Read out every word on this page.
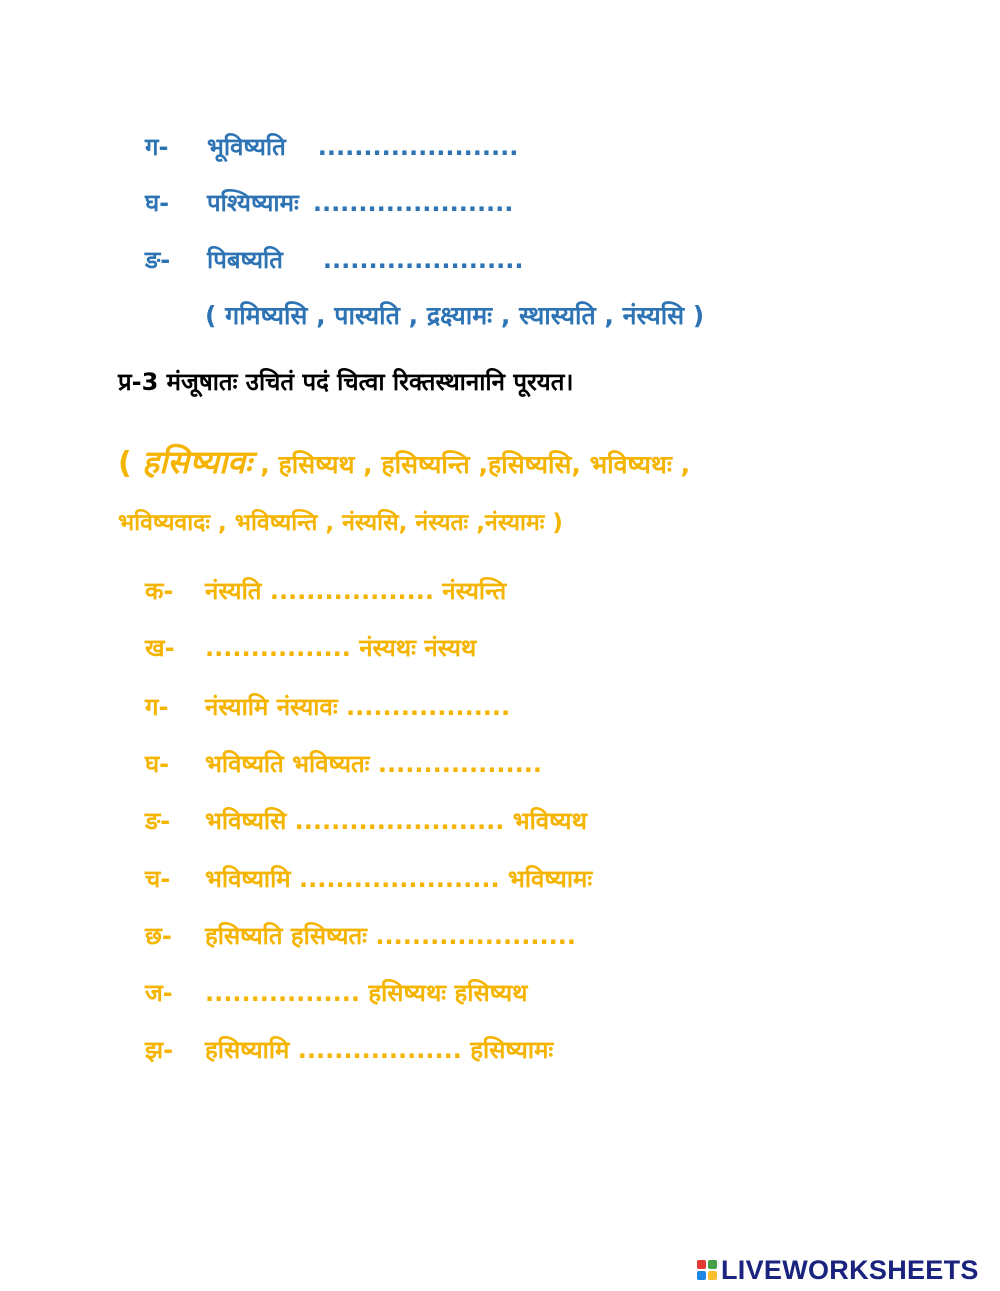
ग- भूविष्यति ......................
घ- पश्यिष्यामः ......................
ङ- पिबष्यति ......................
( गमिष्यसि , पास्यति , द्रक्ष्यामः , स्थास्यति , नंस्यसि )
प्र-3 मंजूषातः उचितं पदं चित्वा रिक्तस्थानानि पूरयत।
( हसिष्यावः , हसिष्यथ , हसिष्यन्ति ,हसिष्यसि, भविष्यथः ,
भविष्यवादः , भविष्यन्ति , नंस्यसि, नंस्यतः ,नंस्यामः )
क- नंस्यति .................. नंस्यन्ति
ख- ................ नंस्यथः नंस्यथ
ग- नंस्यामि नंस्यावः ..................
घ- भविष्यति भविष्यतः ..................
ङ- भविष्यसि ....................... भविष्यथ
च- भविष्यामि ...................... भविष्यामः
छ- हसिष्यति हसिष्यतः ......................
ज- ................. हसिष्यथः हसिष्यथ
झ- हसिष्यामि .................. हसिष्यामः
LIVEWORKSHEETS
